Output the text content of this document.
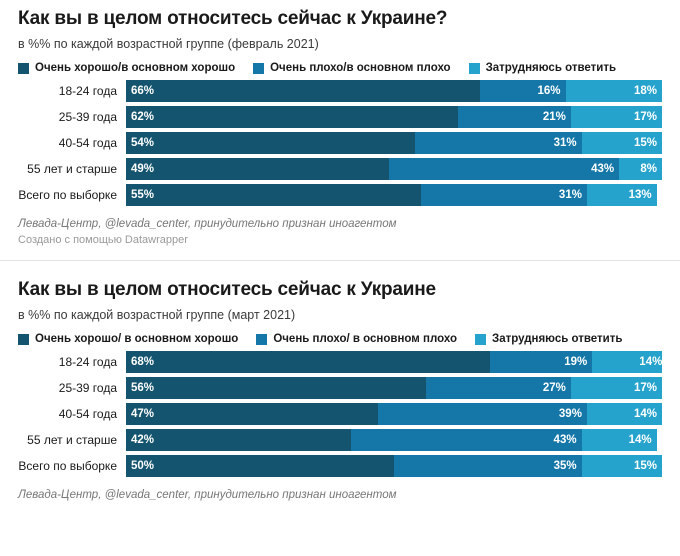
Как вы в целом относитесь сейчас к Украине?

в %% по каждой возрастной группе (февраль 2021)

Очень хорошо/в основном хорошо	Очень плохо/в основном плохо	Затрудняюсь ответить
18-24 года	66%	16%	18%
25-39 года	62%	21%	17%
40-54 года	54%	31%	15%
55 лет и старше	49%	43% 8%
Всего по выборке	55%	31%	13%

Левада-Центр, @levada_center, принудительно признан иноагентом

Создано с помощью Datawrapper

Как вы в целом относитесь сейчас к Украине

в %% по каждой возрастной группе (март 2021)

Очень хорошо/ в основном хорошо	Очень плохо/ в основном плохо	Затрудняюсь ответить
18-24 года	68%	19%	14%
25-39 года	56%	27%	17%
40-54 года	47%	39%	14%
55 лет и старше	42%	43%	14%
Всего по выборке	50%	35%	15%

Левада-Центр, @levada_center, принудительно признан иноагентом
